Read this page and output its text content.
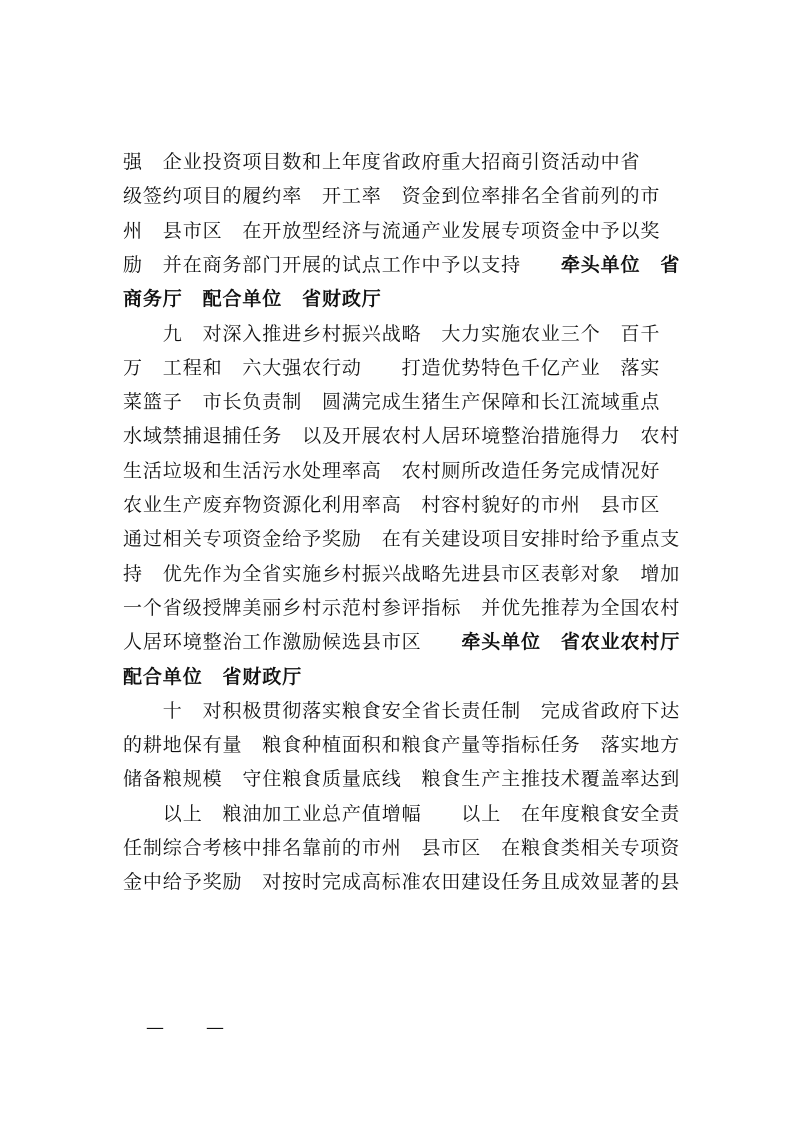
强　企业投资项目数和上年度省政府重大招商引资活动中省
级签约项目的履约率　开工率　资金到位率排名全省前列的市
州　县市区　在开放型经济与流通产业发展专项资金中予以奖
励　并在商务部门开展的试点工作中予以支持　　牵头单位　省
商务厅　配合单位　省财政厅
　　九　对深入推进乡村振兴战略　大力实施农业三个　百千
万　工程和　六大强农行动　　打造优势特色千亿产业　落实
菜篮子　市长负责制　圆满完成生猪生产保障和长江流域重点
水域禁捕退捕任务　以及开展农村人居环境整治措施得力　农村
生活垃圾和生活污水处理率高　农村厕所改造任务完成情况好
农业生产废弃物资源化利用率高　村容村貌好的市州　县市区
通过相关专项资金给予奖励　在有关建设项目安排时给予重点支
持　优先作为全省实施乡村振兴战略先进县市区表彰对象　增加
一个省级授牌美丽乡村示范村参评指标　并优先推荐为全国农村
人居环境整治工作激励候选县市区　　牵头单位　省农业农村厅
配合单位　省财政厅
　　十　对积极贯彻落实粮食安全省长责任制　完成省政府下达
的耕地保有量　粮食种植面积和粮食产量等指标任务　落实地方
储备粮规模　守住粮食质量底线　粮食生产主推技术覆盖率达到
　　以上　粮油加工业总产值增幅　　以上　在年度粮食安全责
任制综合考核中排名靠前的市州　县市区　在粮食类相关专项资
金中给予奖励　对按时完成高标准农田建设任务且成效显著的县
—　　—
